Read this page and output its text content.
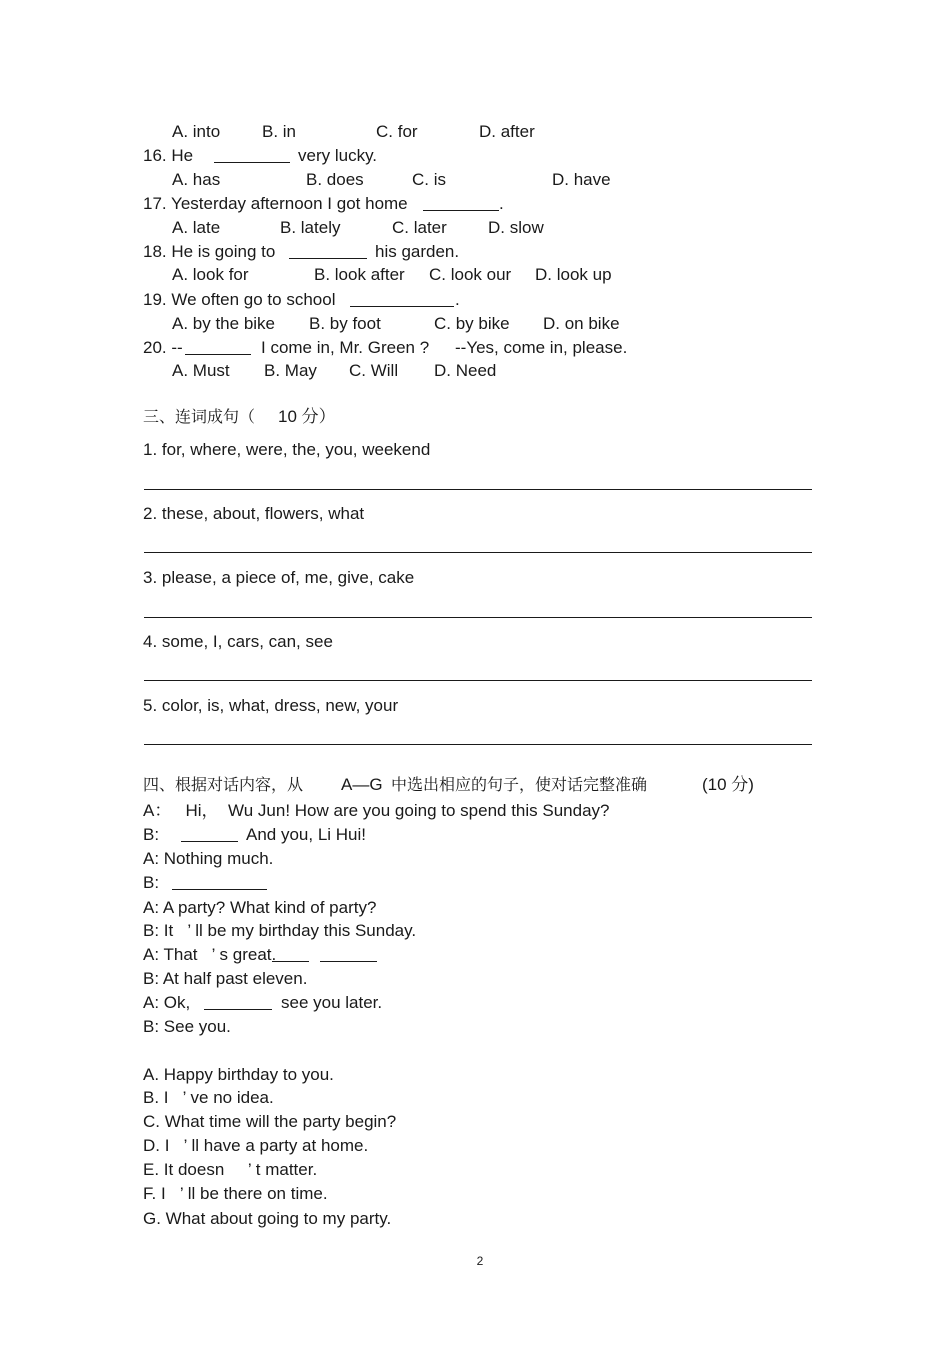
A. into B. in	C. for	D. after
16. He	very lucky.
A. has	B. does	C. is	D. have
17. Yesterday afternoon I got home	.
A. late	B. lately	C. later D. slow
18. He is going to	his garden.
A. look for	B. look after C. look our D. look up
19. We often go to school	.
A. by the bike B. by foot	C. by bike D. on bike
20. --	I come in, Mr. Green ? --Yes, come in, please.
A. Must B. May C. Will D. Need
三、连词成句（ 10 分）
1. for, where, were, the, you, weekend
2. these, about, flowers, what
3. please, a piece of, me, give, cake
4. some, I, cars, can, see
5. color, is, what, dress, new, your
四、根据对话内容，从 A—G 中选出相应的句子，使对话完整准确	(10 分)
A：   Hi，  Wu Jun! How are you going to spend this Sunday?
B:	And you, Li Hui!
A: Nothing much.
B:
A: A party? What kind of party?
B: It   ’ ll be my birthday this Sunday.
A: That   ’ s great.
B: At half past eleven.
A: Ok,	see you later.
B: See you.
A. Happy birthday to you.
B. I   ’ ve no idea.
C. What time will the party begin?
D. I   ’ ll have a party at home.
E. It doesn     ’ t matter.
F. I   ’ ll be there on time.
G. What about going to my party.
2
